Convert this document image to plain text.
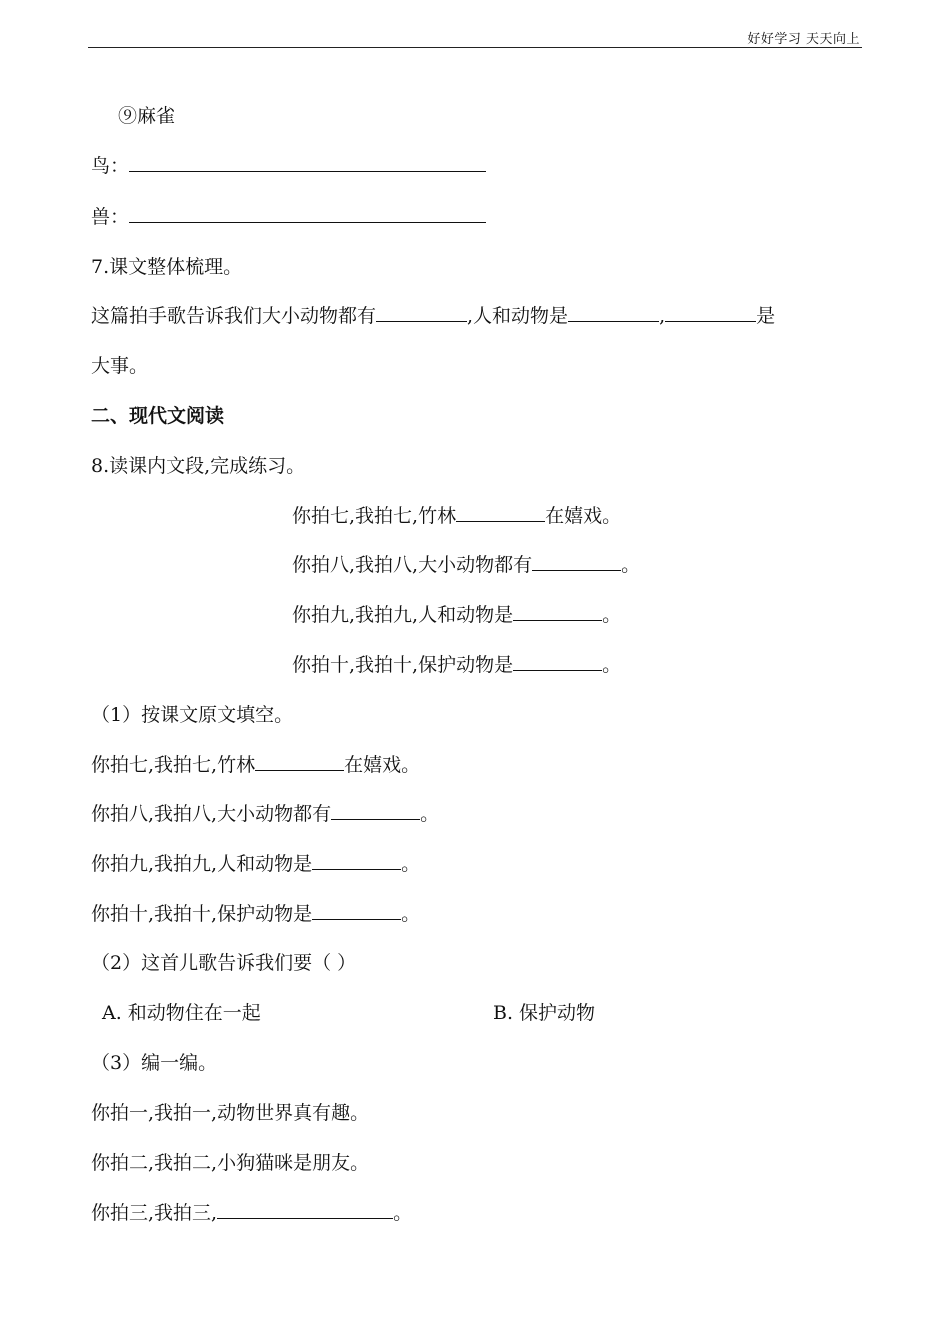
好好学习 天天向上
⑨麻雀
鸟：
兽：
7.课文整体梳理。
这篇拍手歌告诉我们大小动物都有	,人和动物是	,	是
大事。
二、现代文阅读
8.读课内文段,完成练习。
你拍七,我拍七,竹林	在嬉戏。
你拍八,我拍八,大小动物都有	。
你拍九,我拍九,人和动物是	。
你拍十,我拍十,保护动物是	。
（1）按课文原文填空。
你拍七,我拍七,竹林	在嬉戏。
你拍八,我拍八,大小动物都有	。
你拍九,我拍九,人和动物是	。
你拍十,我拍十,保护动物是	。
（2）这首儿歌告诉我们要（ ）
A. 和动物住在一起	B. 保护动物
（3）编一编。
你拍一,我拍一,动物世界真有趣。
你拍二,我拍二,小狗猫咪是朋友。
你拍三,我拍三,	。
